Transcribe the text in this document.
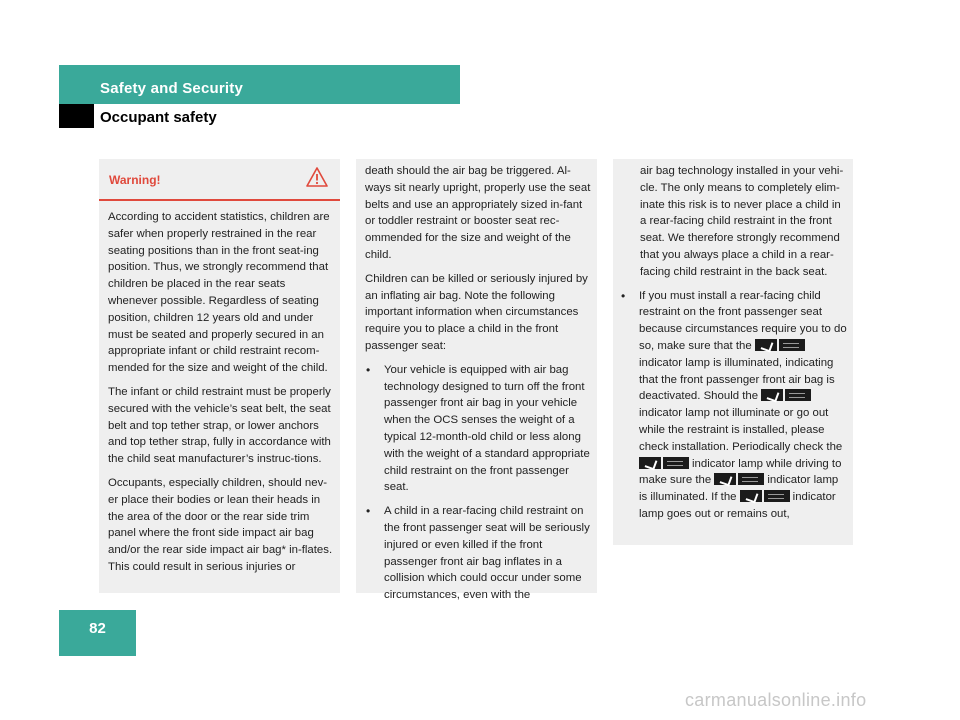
Safety and Security
Occupant safety
Warning!

According to accident statistics, children are safer when properly restrained in the rear seating positions than in the front seat-ing position. Thus, we strongly recommend that children be placed in the rear seats whenever possible. Regardless of seating position, children 12 years old and under must be seated and properly secured in an appropriate infant or child restraint recom-mended for the size and weight of the child.

The infant or child restraint must be properly secured with the vehicle’s seat belt, the seat belt and top tether strap, or lower anchors and top tether strap, fully in accordance with the child seat manufacturer’s instruc-tions.

Occupants, especially children, should nev-er place their bodies or lean their heads in the area of the door or the rear side trim panel where the front side impact air bag and/or the rear side impact air bag* in-flates. This could result in serious injuries or

death should the air bag be triggered. Al-ways sit nearly upright, properly use the seat belts and use an appropriately sized in-fant or toddler restraint or booster seat rec-ommended for the size and weight of the child.

Children can be killed or seriously injured by an inflating air bag. Note the following important information when circumstances require you to place a child in the front passenger seat:

• Your vehicle is equipped with air bag technology designed to turn off the front passenger front air bag in your vehicle when the OCS senses the weight of a typical 12-month-old child or less along with the weight of a standard appropriate child restraint on the front passenger seat.
• A child in a rear-facing child restraint on the front passenger seat will be seriously injured or even killed if the front passenger front air bag inflates in a collision which could occur under some circumstances, even with the

air bag technology installed in your vehi-cle. The only means to completely elim-inate this risk is to never place a child in a rear-facing child restraint in the front seat. We therefore strongly recommend that you always place a child in a rear-facing child restraint in the back seat.

• If you must install a rear-facing child restraint on the front passenger seat because circumstances require you to do so, make sure that the
indicator lamp is illuminated, indicating that the front passenger front air bag is deactivated. Should the
indicator lamp not illuminate or go out while the restraint is installed, please check installation. Periodically check the
indicator lamp while driving to make sure the	indicator lamp is illuminated. If the	indicator lamp goes out or remains out,
82
carmanualsonline.info
